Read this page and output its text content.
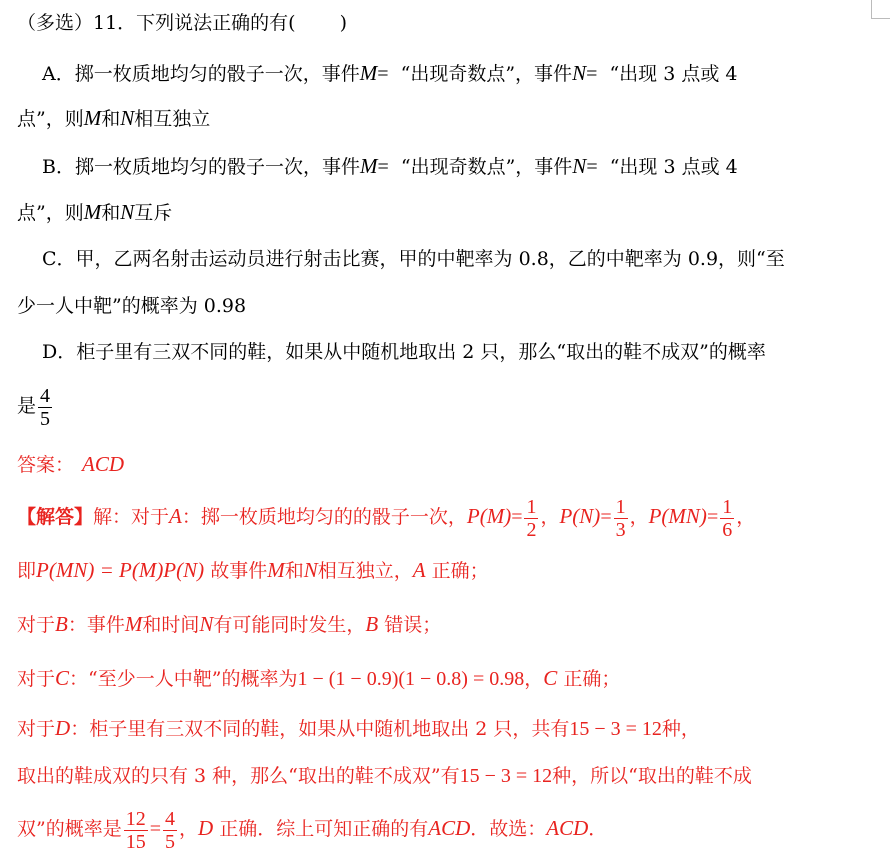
（多选）11．下列说法正确的有(　　 )
A．掷一枚质地均匀的骰子一次，事件M= “出现奇数点”，事件N= “出现 3 点或 4
点”，则M和N相互独立
B．掷一枚质地均匀的骰子一次，事件M= “出现奇数点”，事件N= “出现 3 点或 4
点”，则M和N互斥
C．甲，乙两名射击运动员进行射击比赛，甲的中靶率为 0.8，乙的中靶率为 0.9，则“至
少一人中靶”的概率为 0.98
D．柜子里有三双不同的鞋，如果从中随机地取出 2 只，那么“取出的鞋不成双”的概率
是 $\frac{4}{5}$
答案： ACD
【解答】解：对于A：掷一枚质地均匀的的骰子一次，$P(M)= \frac{1}{2}$ ，$P(N)= \frac{1}{3}$ ，$P(MN)= \frac{1}{6}$ ，
即P(MN) = P(M)P(N) 故事件M和N相互独立，A 正确；
对于B：事件M和时间N有可能同时发生，B 错误；
对于C：“至少一人中靶”的概率为1 − (1 − 0.9)(1 − 0.8) = 0.98，C 正确；
对于D：柜子里有三双不同的鞋，如果从中随机地取出 2 只，共有15 − 3 = 12种，
取出的鞋成双的只有 3 种，那么“取出的鞋不成双”有15 − 3 = 12种，所以“取出的鞋不成
双”的概率是 $\frac{12}{15} = \frac{4}{5}$ ，D 正确．综上可知正确的有ACD．故选：ACD．
